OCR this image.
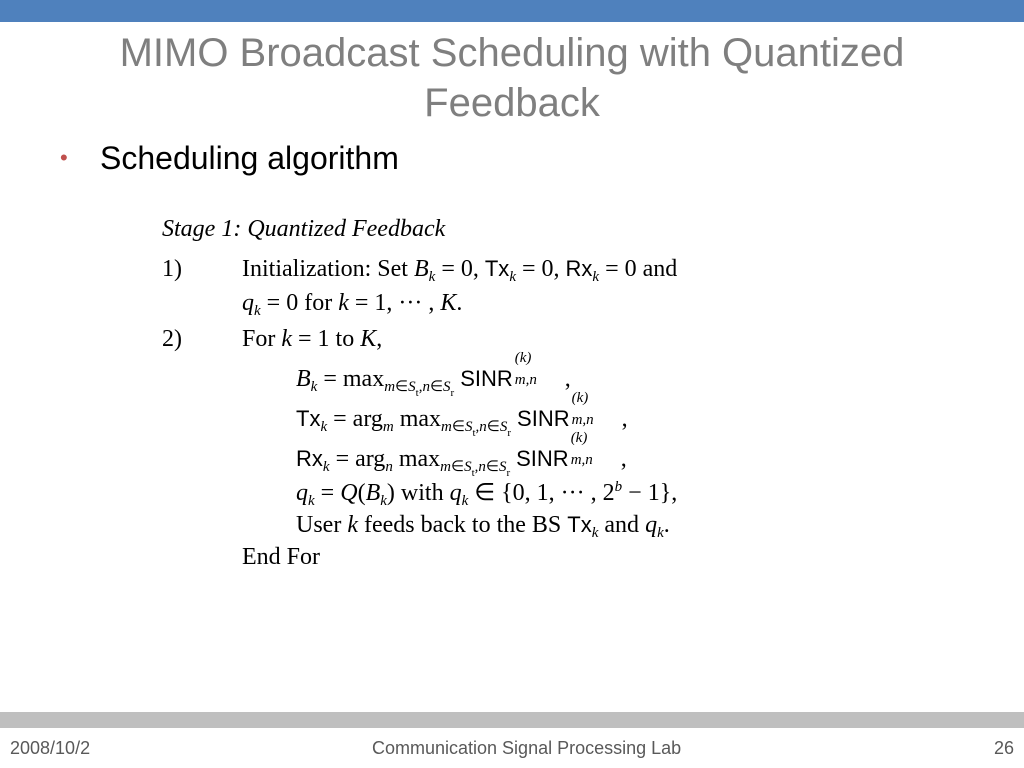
MIMO Broadcast Scheduling with Quantized Feedback
• Scheduling algorithm
Stage 1: Quantized Feedback
1)	Initialization: Set $B_k = 0$, $Tx_k = 0$, $Rx_k = 0$ and
$q_k = 0$ for k = 1, ··· , K.
2)	For k = 1 to K,
$B_k = \max_{m\in S_t,n\in S_r}$ SINR
(k)
m,n ,
$Tx_k = arg_m$ $\max_{m\in S_t,n\in S_r}$ SINR
(k)
m,n ,
$Rx_k = arg_n$ $\max_{m\in S_t,n\in S_r}$ SINR
(k)
m,n ,
$q_k = Q(B_k)$ with $q_k$ ∈ {0, 1, ··· , $2^b - 1$},
User k feeds back to the BS $Tx_k$ and $q_k$.
End For
2008/10/2	Communication Signal Processing Lab	26
